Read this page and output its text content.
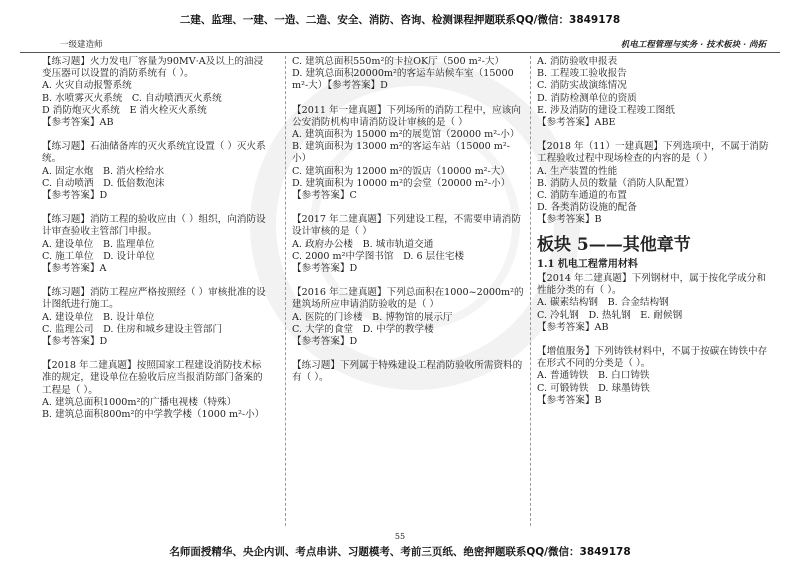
二建、监理、一建、一造、二造、安全、消防、咨询、检测课程押题联系QQ/微信：3849178
一级建造师	机电工程管理与实务 · 技术板块 · 尚拓
【练习题】火力发电厂容量为90MV·A及以上的油浸变压器可以设置的消防系统有（ ）。
A. 火灾自动报警系统
B. 水喷雾灭火系统　C. 自动喷洒灭火系统
D 消防炮灭火系统　E 消火栓灭火系统
【参考答案】AB
【练习题】石油储备库的灭火系统宜设置（ ）灭火系统。
A. 固定水炮　B. 消火栓给水
C. 自动喷洒　D. 低倍数泡沫
【参考答案】D
【练习题】消防工程的验收应由（ ）组织，向消防设计审查验收主管部门申报。
A. 建设单位　B. 监理单位
C. 施工单位　D. 设计单位
【参考答案】A
【练习题】消防工程应严格按照经（ ）审核批准的设计图纸进行施工。
A. 建设单位　B. 设计单位
C. 监理公司　D. 住房和城乡建设主管部门
【参考答案】D
【2018 年二建真题】按照国家工程建设消防技术标准的规定，建设单位在验收后应当报消防部门备案的工程是（ ）。
A. 建筑总面积1000m²的广播电视楼（特殊）
B. 建筑总面积800m²的中学教学楼（1000 m²-小）
C. 建筑总面积550m²的卡拉OK厅（500 m²-大）
D. 建筑总面积20000m²的客运车站候车室（15000 m²-大）【参考答案】D
【2011 年一建真题】下列场所的消防工程中，应该向公安消防机构申请消防设计审核的是（ ）
A. 建筑面积为 15000 m²的展览馆（20000 m²-小）
B. 建筑面积为 13000 m²的客运车站（15000 m²-小）
C. 建筑面积为 12000 m²的饭店（10000 m²-大）
D. 建筑面积为 10000 m²的会堂（20000 m²-小）
【参考答案】C
【2017 年二建真题】下列建设工程，不需要申请消防设计审核的是（ ）
A. 政府办公楼　B. 城市轨道交通
C. 2000 m²中学图书馆　D. 6 层住宅楼
【参考答案】D
【2016 年二建真题】下列总面积在1000~2000m²的建筑场所应申请消防验收的是（ ）
A. 医院的门诊楼　B. 博物馆的展示厅
C. 大学的食堂　D. 中学的教学楼
【参考答案】D
【练习题】下列属于特殊建设工程消防验收所需资料的有（ ）。
A. 消防验收申报表
B. 工程竣工验收报告
C. 消防实战演练情况
D. 消防检测单位的资质
E. 涉及消防的建设工程竣工图纸
【参考答案】ABE
【2018 年（11）一建真题】下列选项中，不属于消防工程验收过程中现场检查的内容的是（ ）
A. 生产装置的性能
B. 消防人员的数量（消防人队配置）
C. 消防车通道的布置
D. 各类消防设施的配备
【参考答案】B
板块 5——其他章节
1.1 机电工程常用材料
【2014 年二建真题】下列钢材中，属于按化学成分和性能分类的有（ ）。
A. 碳素结构钢　B. 合金结构钢
C. 冷轧钢　D. 热轧钢　E. 耐候钢
【参考答案】AB
【增值服务】下列铸铁材料中，不属于按碳在铸铁中存在形式不同的分类是（ ）。
A. 普通铸铁　B. 白口铸铁
C. 可锻铸铁　D. 球墨铸铁
【参考答案】B
55
名师面授精华、央企内训、考点串讲、习题模考、考前三页纸、绝密押题联系QQ/微信：3849178
